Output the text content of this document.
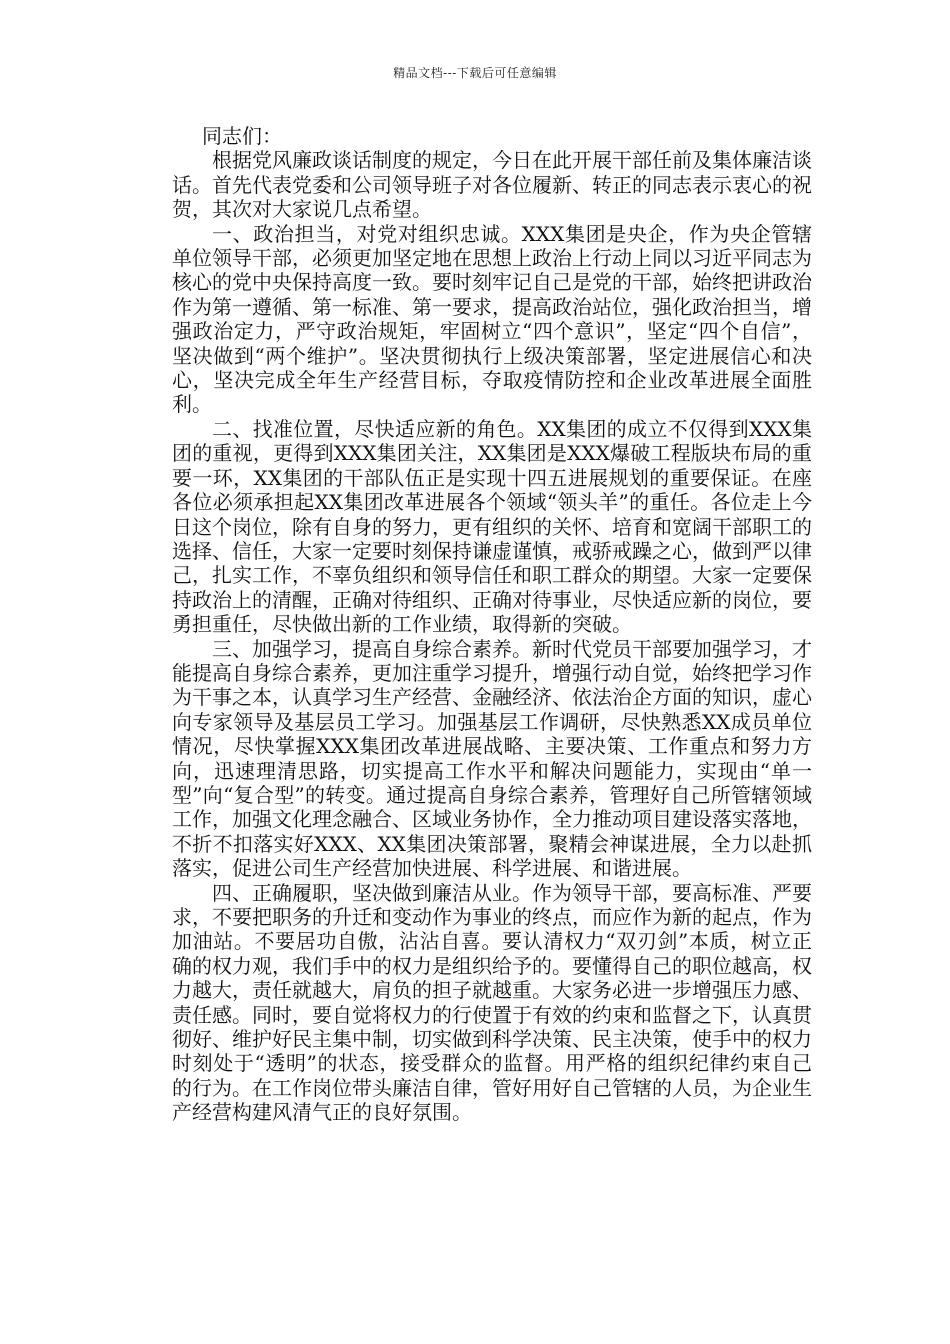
精品文档---下载后可任意编辑

同志们：

根据党风廉政谈话制度的规定，今日在此开展干部任前及集体廉洁谈话。首先代表党委和公司领导班子对各位履新、转正的同志表示衷心的祝贺，其次对大家说几点希望。

一、政治担当，对党对组织忠诚。XXX集团是央企，作为央企管辖单位领导干部，必须更加坚定地在思想上政治上行动上同以习近平同志为核心的党中央保持高度一致。要时刻牢记自己是党的干部，始终把讲政治作为第一遵循、第一标准、第一要求，提高政治站位，强化政治担当，增强政治定力，严守政治规矩，牢固树立“四个意识”，坚定“四个自信”，坚决做到“两个维护”。坚决贯彻执行上级决策部署，坚定进展信心和决心，坚决完成全年生产经营目标，夺取疫情防控和企业改革进展全面胜利。

二、找准位置，尽快适应新的角色。XX集团的成立不仅得到XXX集团的重视，更得到XXX集团关注，XX集团是XXX爆破工程版块布局的重要一环，XX集团的干部队伍正是实现十四五进展规划的重要保证。在座各位必须承担起XX集团改革进展各个领域“领头羊”的重任。各位走上今日这个岗位，除有自身的努力，更有组织的关怀、培育和宽阔干部职工的选择、信任，大家一定要时刻保持谦虚谨慎，戒骄戒躁之心，做到严以律己，扎实工作，不辜负组织和领导信任和职工群众的期望。大家一定要保持政治上的清醒，正确对待组织、正确对待事业，尽快适应新的岗位，要勇担重任，尽快做出新的工作业绩，取得新的突破。

三、加强学习，提高自身综合素养。新时代党员干部要加强学习，才能提高自身综合素养，更加注重学习提升，增强行动自觉，始终把学习作为干事之本，认真学习生产经营、金融经济、依法治企方面的知识，虚心向专家领导及基层员工学习。加强基层工作调研，尽快熟悉XX成员单位情况，尽快掌握XXX集团改革进展战略、主要决策、工作重点和努力方向，迅速理清思路，切实提高工作水平和解决问题能力，实现由“单一型”向“复合型”的转变。通过提高自身综合素养，管理好自己所管辖领域工作，加强文化理念融合、区域业务协作，全力推动项目建设落实落地，不折不扣落实好XXX、XX集团决策部署，聚精会神谋进展，全力以赴抓落实，促进公司生产经营加快进展、科学进展、和谐进展。

四、正确履职，坚决做到廉洁从业。作为领导干部，要高标准、严要求，不要把职务的升迁和变动作为事业的终点，而应作为新的起点，作为加油站。不要居功自傲，沾沾自喜。要认清权力“双刃剑”本质，树立正确的权力观，我们手中的权力是组织给予的。要懂得自己的职位越高，权力越大，责任就越大，肩负的担子就越重。大家务必进一步增强压力感、责任感。同时，要自觉将权力的行使置于有效的约束和监督之下，认真贯彻好、维护好民主集中制，切实做到科学决策、民主决策，使手中的权力时刻处于“透明”的状态，接受群众的监督。用严格的组织纪律约束自己的行为。在工作岗位带头廉洁自律，管好用好自己管辖的人员，为企业生产经营构建风清气正的良好氛围。
